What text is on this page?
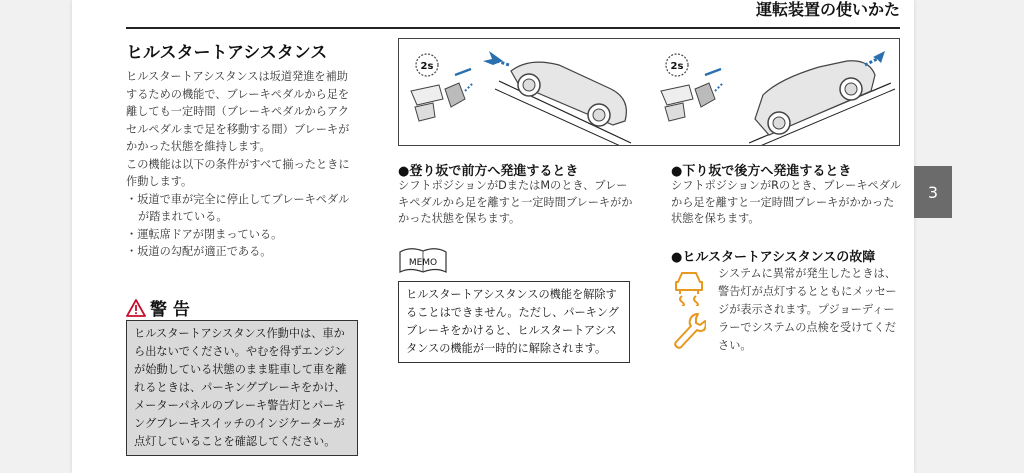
運転装置の使いかた
ヒルスタートアシスタンス

ヒルスタートアシスタンスは坂道発進を補助するための機能で、ブレーキペダルから足を離しても一定時間（ブレーキペダルからアクセルペダルまで足を移動する間）ブレーキがかかった状態を維持します。

この機能は以下の条件がすべて揃ったときに作動します。

・ 坂道で車が完全に停止してブレーキペダルが踏まれている。
・ 運転席ドアが閉まっている。
・ 坂道の勾配が適正である。
警 告
ヒルスタートアシスタンス作動中は、車から出ないでください。やむを得ずエンジンが始動している状態のまま駐車して車を離れるときは、パーキングブレーキをかけ、メーターパネルのブレーキ警告灯とパーキングブレーキスイッチのインジケーターが点灯していることを確認してください。
2s	2s
●登り坂で前方へ発進するとき
シフトポジションがDまたはMのとき、ブレーキペダルから足を離すと一定時間ブレーキがかかった状態を保ちます。
●下り坂で後方へ発進するとき
シフトポジションがRのとき、ブレーキペダルから足を離すと一定時間ブレーキがかかった状態を保ちます。
MEMO
ヒルスタートアシスタンスの機能を解除することはできません。ただし、パーキングブレーキをかけると、ヒルスタートアシスタンスの機能が一時的に解除されます。
●ヒルスタートアシスタンスの故障
システムに異常が発生したときは、警告灯が点灯するとともにメッセージが表示されます。プジョーディーラーでシステムの点検を受けてください。
3
